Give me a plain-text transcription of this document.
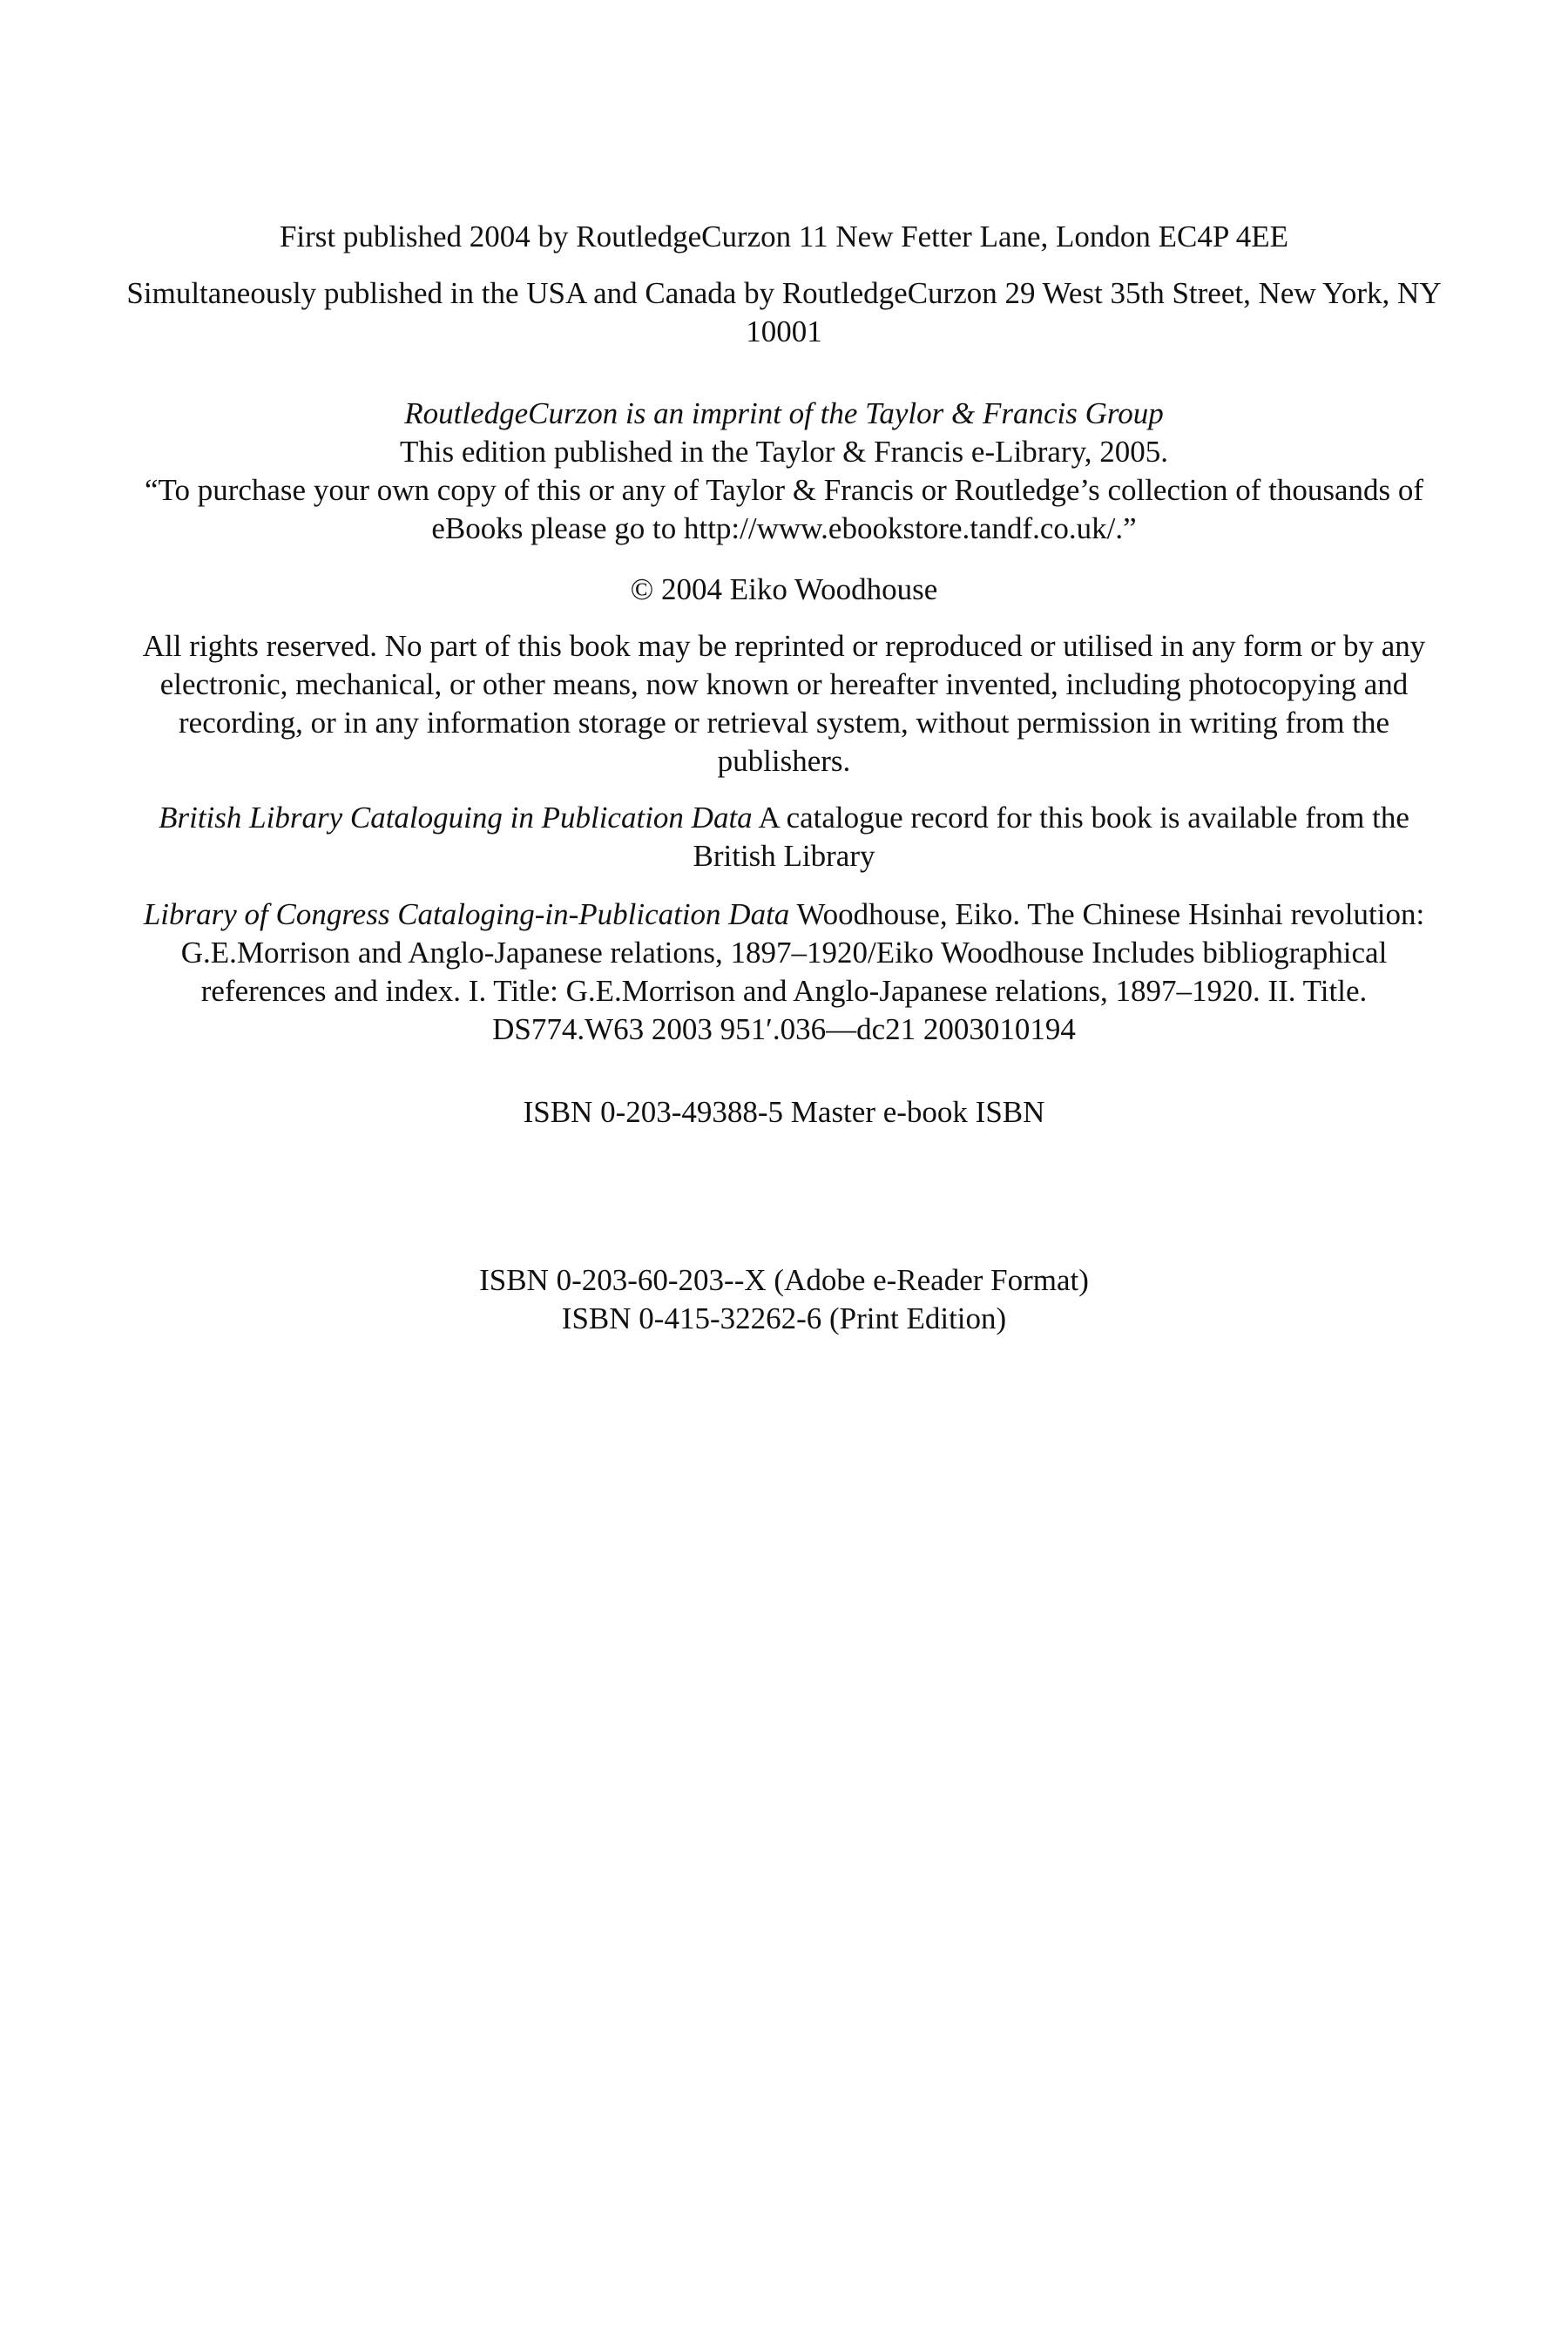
First published 2004 by RoutledgeCurzon 11 New Fetter Lane, London EC4P 4EE

Simultaneously published in the USA and Canada by RoutledgeCurzon 29 West 35th Street, New York, NY 10001

RoutledgeCurzon is an imprint of the Taylor & Francis Group
This edition published in the Taylor & Francis e-Library, 2005.
“To purchase your own copy of this or any of Taylor & Francis or Routledge’s collection of thousands of eBooks please go to http://www.ebookstore.tandf.co.uk/.”

© 2004 Eiko Woodhouse

All rights reserved. No part of this book may be reprinted or reproduced or utilised in any form or by any electronic, mechanical, or other means, now known or hereafter invented, including photocopying and recording, or in any information storage or retrieval system, without permission in writing from the publishers.

British Library Cataloguing in Publication Data A catalogue record for this book is available from the British Library

Library of Congress Cataloging-in-Publication Data Woodhouse, Eiko. The Chinese Hsinhai revolution: G.E.Morrison and Anglo-Japanese relations, 1897–1920/Eiko Woodhouse Includes bibliographical references and index. I. Title: G.E.Morrison and Anglo-Japanese relations, 1897–1920. II. Title. DS774.W63 2003 951′.036—dc21 2003010194

ISBN 0-203-49388-5 Master e-book ISBN

ISBN 0-203-60-203--X (Adobe e-Reader Format)
ISBN 0-415-32262-6 (Print Edition)
